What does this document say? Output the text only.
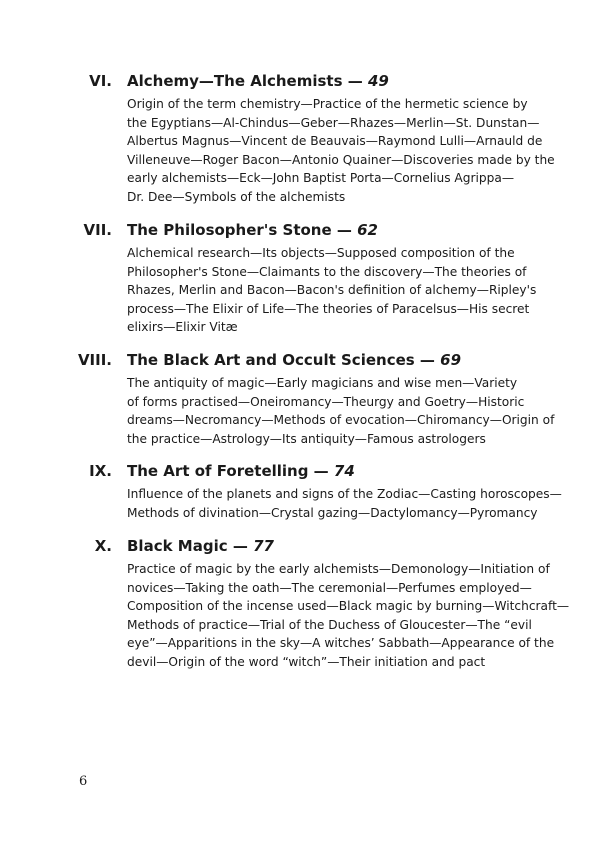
VI. Alchemy—The Alchemists — 49
Origin of the term chemistry—Practice of the hermetic science by
the Egyptians—Al-Chindus—Geber—Rhazes—Merlin—St. Dunstan—
Albertus Magnus—Vincent de Beauvais—Raymond Lulli—Arnauld de
Villeneuve—Roger Bacon—Antonio Quainer—Discoveries made by the
early alchemists—Eck—John Baptist Porta—Cornelius Agrippa—
Dr. Dee—Symbols of the alchemists
VII. The Philosopher's Stone — 62
Alchemical research—Its objects—Supposed composition of the
Philosopher's Stone—Claimants to the discovery—The theories of
Rhazes, Merlin and Bacon—Bacon's definition of alchemy—Ripley's
process—The Elixir of Life—The theories of Paracelsus—His secret
elixirs—Elixir Vitæ
VIII. The Black Art and Occult Sciences — 69
The antiquity of magic—Early magicians and wise men—Variety
of forms practised—Oneiromancy—Theurgy and Goetry—Historic
dreams—Necromancy—Methods of evocation—Chiromancy—Origin of
the practice—Astrology—Its antiquity—Famous astrologers
IX. The Art of Foretelling — 74
Influence of the planets and signs of the Zodiac—Casting horoscopes—
Methods of divination—Crystal gazing—Dactylomancy—Pyromancy
X. Black Magic — 77
Practice of magic by the early alchemists—Demonology—Initiation of
novices—Taking the oath—The ceremonial—Perfumes employed—
Composition of the incense used—Black magic by burning—Witchcraft—
Methods of practice—Trial of the Duchess of Gloucester—The “evil
eye”—Apparitions in the sky—A witches’ Sabbath—Appearance of the
devil—Origin of the word “witch”—Their initiation and pact
6
